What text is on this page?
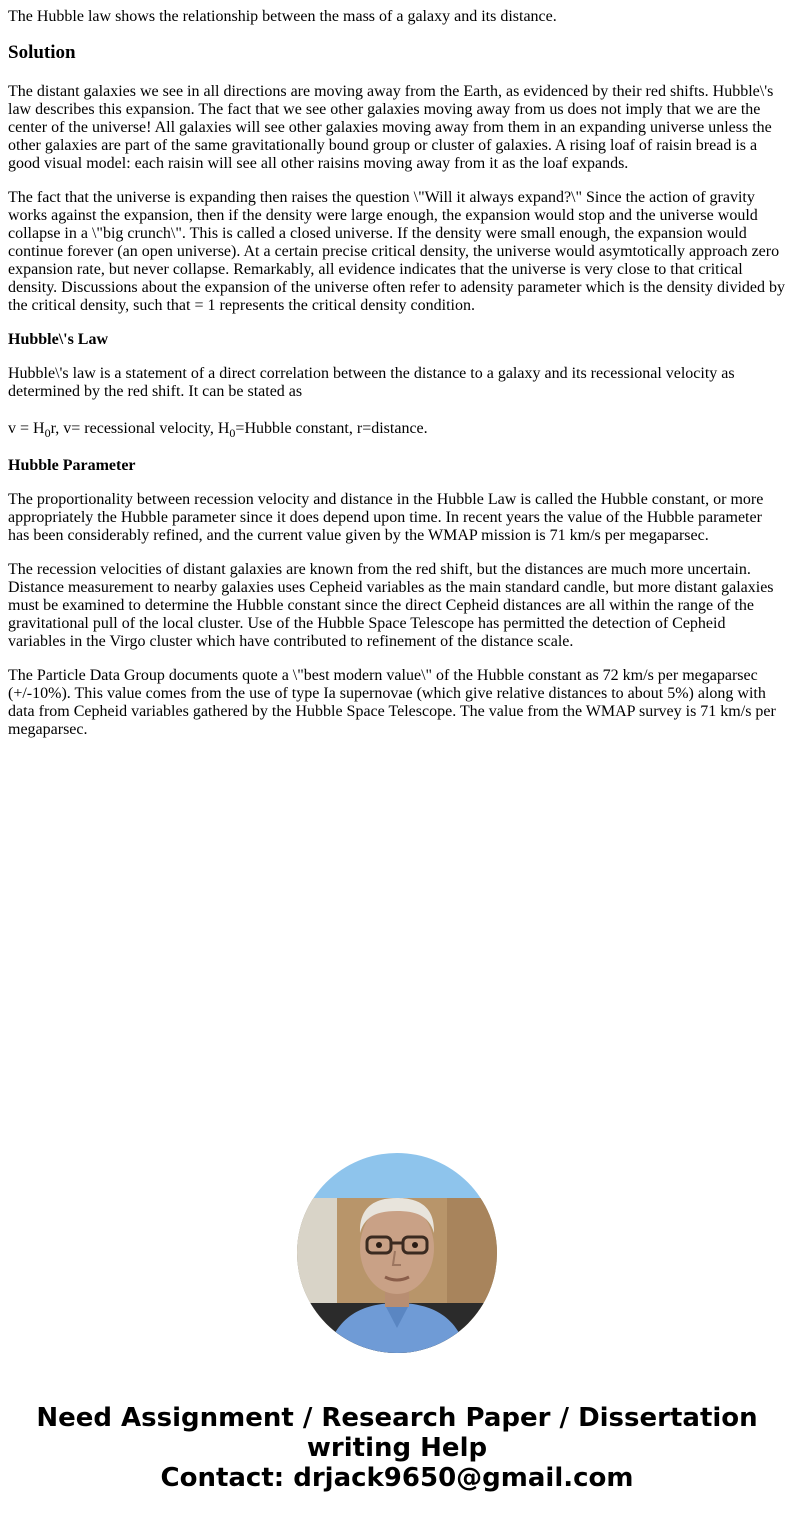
The Hubble law shows the relationship between the mass of a galaxy and its distance.

Solution

The distant galaxies we see in all directions are moving away from the Earth, as evidenced by their red shifts. Hubble\'s law describes this expansion. The fact that we see other galaxies moving away from us does not imply that we are the center of the universe! All galaxies will see other galaxies moving away from them in an expanding universe unless the other galaxies are part of the same gravitationally bound group or cluster of galaxies. A rising loaf of raisin bread is a good visual model: each raisin will see all other raisins moving away from it as the loaf expands.

The fact that the universe is expanding then raises the question \"Will it always expand?\" Since the action of gravity works against the expansion, then if the density were large enough, the expansion would stop and the universe would collapse in a \"big crunch\". This is called a closed universe. If the density were small enough, the expansion would continue forever (an open universe). At a certain precise critical density, the universe would asymtotically approach zero expansion rate, but never collapse. Remarkably, all evidence indicates that the universe is very close to that critical density. Discussions about the expansion of the universe often refer to adensity parameter which is the density divided by the critical density, such that = 1 represents the critical density condition.

Hubble\'s Law

Hubble\'s law is a statement of a direct correlation between the distance to a galaxy and its recessional velocity as determined by the red shift. It can be stated as

$v = H_0r$, v= recessional velocity, $H_0=Hubble$ constant, r=distance.

Hubble Parameter

The proportionality between recession velocity and distance in the Hubble Law is called the Hubble constant, or more appropriately the Hubble parameter since it does depend upon time. In recent years the value of the Hubble parameter has been considerably refined, and the current value given by the WMAP mission is 71 km/s per megaparsec.

The recession velocities of distant galaxies are known from the red shift, but the distances are much more uncertain. Distance measurement to nearby galaxies uses Cepheid variables as the main standard candle, but more distant galaxies must be examined to determine the Hubble constant since the direct Cepheid distances are all within the range of the gravitational pull of the local cluster. Use of the Hubble Space Telescope has permitted the detection of Cepheid variables in the Virgo cluster which have contributed to refinement of the distance scale.

The Particle Data Group documents quote a \"best modern value\" of the Hubble constant as 72 km/s per megaparsec (+/-10%). This value comes from the use of type Ia supernovae (which give relative distances to about 5%) along with data from Cepheid variables gathered by the Hubble Space Telescope. The value from the WMAP survey is 71 km/s per megaparsec.

Need Assignment / Research Paper / Dissertation writing Help
Contact: drjack9650@gmail.com
